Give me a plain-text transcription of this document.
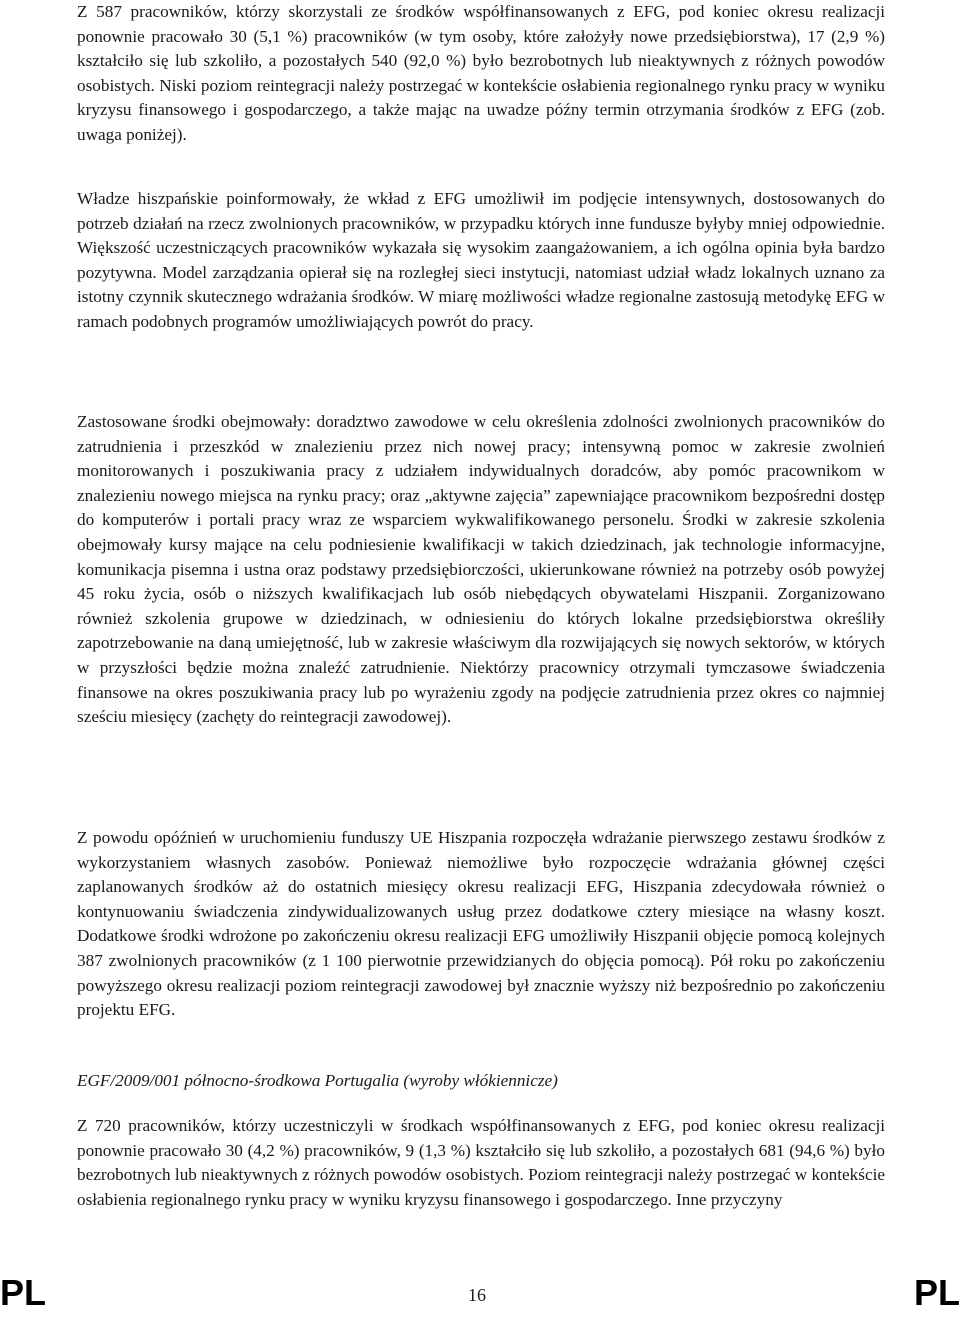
Z 587 pracowników, którzy skorzystali ze środków współfinansowanych z EFG, pod koniec okresu realizacji ponownie pracowało 30 (5,1 %) pracowników (w tym osoby, które założyły nowe przedsiębiorstwa), 17 (2,9 %) kształciło się lub szkoliło, a pozostałych 540 (92,0 %) było bezrobotnych lub nieaktywnych z różnych powodów osobistych. Niski poziom reintegracji należy postrzegać w kontekście osłabienia regionalnego rynku pracy w wyniku kryzysu finansowego i gospodarczego, a także mając na uwadze późny termin otrzymania środków z EFG (zob. uwaga poniżej).

Władze hiszpańskie poinformowały, że wkład z EFG umożliwił im podjęcie intensywnych, dostosowanych do potrzeb działań na rzecz zwolnionych pracowników, w przypadku których inne fundusze byłyby mniej odpowiednie. Większość uczestniczących pracowników wykazała się wysokim zaangażowaniem, a ich ogólna opinia była bardzo pozytywna. Model zarządzania opierał się na rozległej sieci instytucji, natomiast udział władz lokalnych uznano za istotny czynnik skutecznego wdrażania środków. W miarę możliwości władze regionalne zastosują metodykę EFG w ramach podobnych programów umożliwiających powrót do pracy.

Zastosowane środki obejmowały: doradztwo zawodowe w celu określenia zdolności zwolnionych pracowników do zatrudnienia i przeszkód w znalezieniu przez nich nowej pracy; intensywną pomoc w zakresie zwolnień monitorowanych i poszukiwania pracy z udziałem indywidualnych doradców, aby pomóc pracownikom w znalezieniu nowego miejsca na rynku pracy; oraz „aktywne zajęcia” zapewniające pracownikom bezpośredni dostęp do komputerów i portali pracy wraz ze wsparciem wykwalifikowanego personelu. Środki w zakresie szkolenia obejmowały kursy mające na celu podniesienie kwalifikacji w takich dziedzinach, jak technologie informacyjne, komunikacja pisemna i ustna oraz podstawy przedsiębiorczości, ukierunkowane również na potrzeby osób powyżej 45 roku życia, osób o niższych kwalifikacjach lub osób niebędących obywatelami Hiszpanii. Zorganizowano również szkolenia grupowe w dziedzinach, w odniesieniu do których lokalne przedsiębiorstwa określiły zapotrzebowanie na daną umiejętność, lub w zakresie właściwym dla rozwijających się nowych sektorów, w których w przyszłości będzie można znaleźć zatrudnienie. Niektórzy pracownicy otrzymali tymczasowe świadczenia finansowe na okres poszukiwania pracy lub po wyrażeniu zgody na podjęcie zatrudnienia przez okres co najmniej sześciu miesięcy (zachęty do reintegracji zawodowej).

Z powodu opóźnień w uruchomieniu funduszy UE Hiszpania rozpoczęła wdrażanie pierwszego zestawu środków z wykorzystaniem własnych zasobów. Ponieważ niemożliwe było rozpoczęcie wdrażania głównej części zaplanowanych środków aż do ostatnich miesięcy okresu realizacji EFG, Hiszpania zdecydowała również o kontynuowaniu świadczenia zindywidualizowanych usług przez dodatkowe cztery miesiące na własny koszt. Dodatkowe środki wdrożone po zakończeniu okresu realizacji EFG umożliwiły Hiszpanii objęcie pomocą kolejnych 387 zwolnionych pracowników (z 1 100 pierwotnie przewidzianych do objęcia pomocą). Pół roku po zakończeniu powyższego okresu realizacji poziom reintegracji zawodowej był znacznie wyższy niż bezpośrednio po zakończeniu projektu EFG.

EGF/2009/001 północno-środkowa Portugalia (wyroby włókiennicze)

Z 720 pracowników, którzy uczestniczyli w środkach współfinansowanych z EFG, pod koniec okresu realizacji ponownie pracowało 30 (4,2 %) pracowników, 9 (1,3 %) kształciło się lub szkoliło, a pozostałych 681 (94,6 %) było bezrobotnych lub nieaktywnych z różnych powodów osobistych. Poziom reintegracji należy postrzegać w kontekście osłabienia regionalnego rynku pracy w wyniku kryzysu finansowego i gospodarczego. Inne przyczyny

PL	16	PL
